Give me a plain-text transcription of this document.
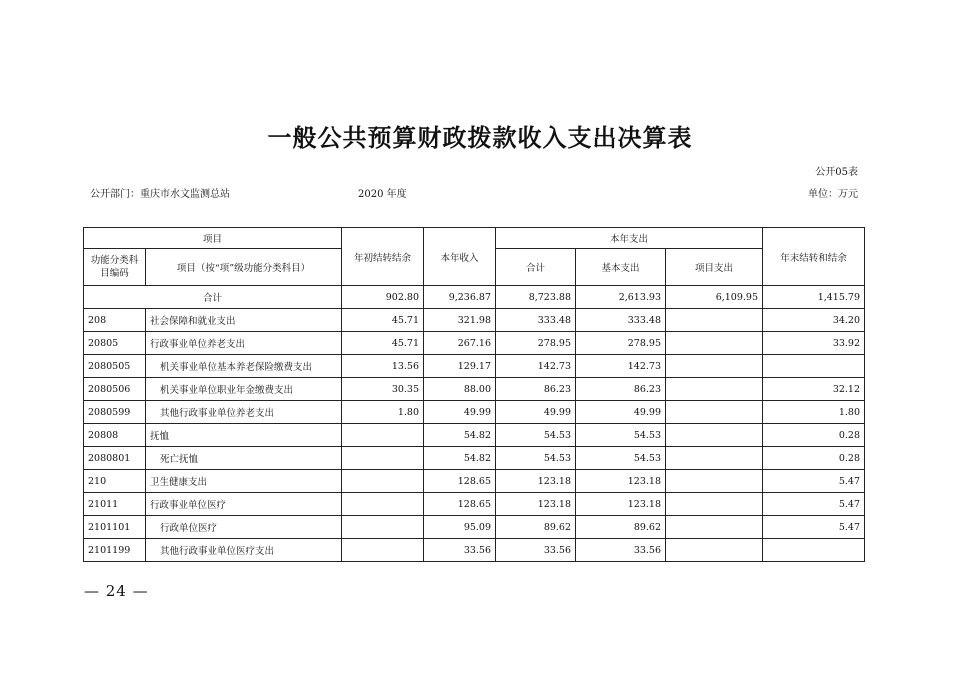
一般公共预算财政拨款收入支出决算表
公开05表
公开部门：重庆市水文监测总站	2020 年度	单位：万元
项目		年初结转结余	本年收入	本年支出			年末结转和结余
功能分类科目编码	项目（按“项”级功能分类科目）			合计	基本支出	项目支出	
合计		902.80	9,236.87	8,723.88	2,613.93	6,109.95	1,415.79
208	社会保障和就业支出	45.71	321.98	333.48	333.48		34.20
20805	行政事业单位养老支出	45.71	267.16	278.95	278.95		33.92
2080505	机关事业单位基本养老保险缴费支出	13.56	129.17	142.73	142.73		
2080506	机关事业单位职业年金缴费支出	30.35	88.00	86.23	86.23		32.12
2080599	其他行政事业单位养老支出	1.80	49.99	49.99	49.99		1.80
20808	抚恤		54.82	54.53	54.53		0.28
2080801	死亡抚恤		54.82	54.53	54.53		0.28
210	卫生健康支出		128.65	123.18	123.18		5.47
21011	行政事业单位医疗		128.65	123.18	123.18		5.47
2101101	行政单位医疗		95.09	89.62	89.62		5.47
2101199	其他行政事业单位医疗支出		33.56	33.56	33.56		
— 24 —
